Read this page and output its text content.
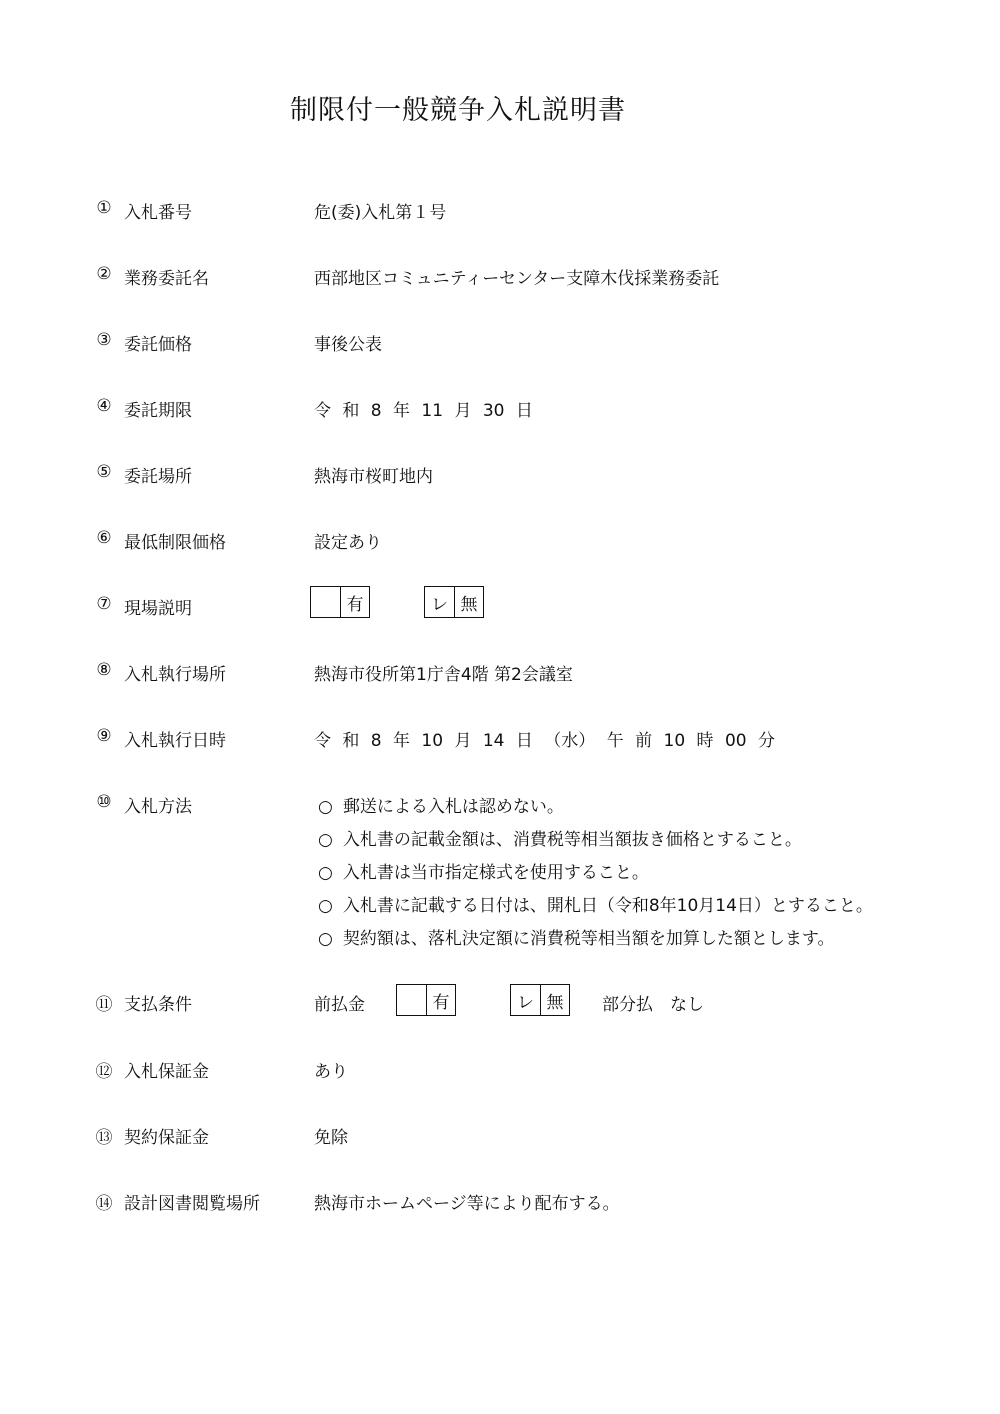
制限付一般競争入札説明書
① 入札番号	危(委)入札第１号
② 業務委託名	西部地区コミュニティーセンター支障木伐採業務委託
③ 委託価格	事後公表
④ 委託期限	令 和 8 年 11 月 30 日
⑤ 委託場所	熱海市桜町地内
⑥ 最低制限価格	設定あり
⑦ 現場説明	有	レ 無
⑧ 入札執行場所	熱海市役所第1庁舎4階 第2会議室
⑨ 入札執行日時	令 和 8 年 10 月 14 日 （水） 午 前 10 時 00 分
⑩ 入札方法	○ 郵送による入札は認めない。
○ 入札書の記載金額は、消費税等相当額抜き価格とすること。
○ 入札書は当市指定様式を使用すること。
○ 入札書に記載する日付は、開札日（令和8年10月14日）とすること。
○ 契約額は、落札決定額に消費税等相当額を加算した額とします。
⑪ 支払条件	前払金	有	レ 無	部分払　なし
⑫ 入札保証金	あり
⑬ 契約保証金	免除
⑭ 設計図書閲覧場所	熱海市ホームページ等により配布する。
